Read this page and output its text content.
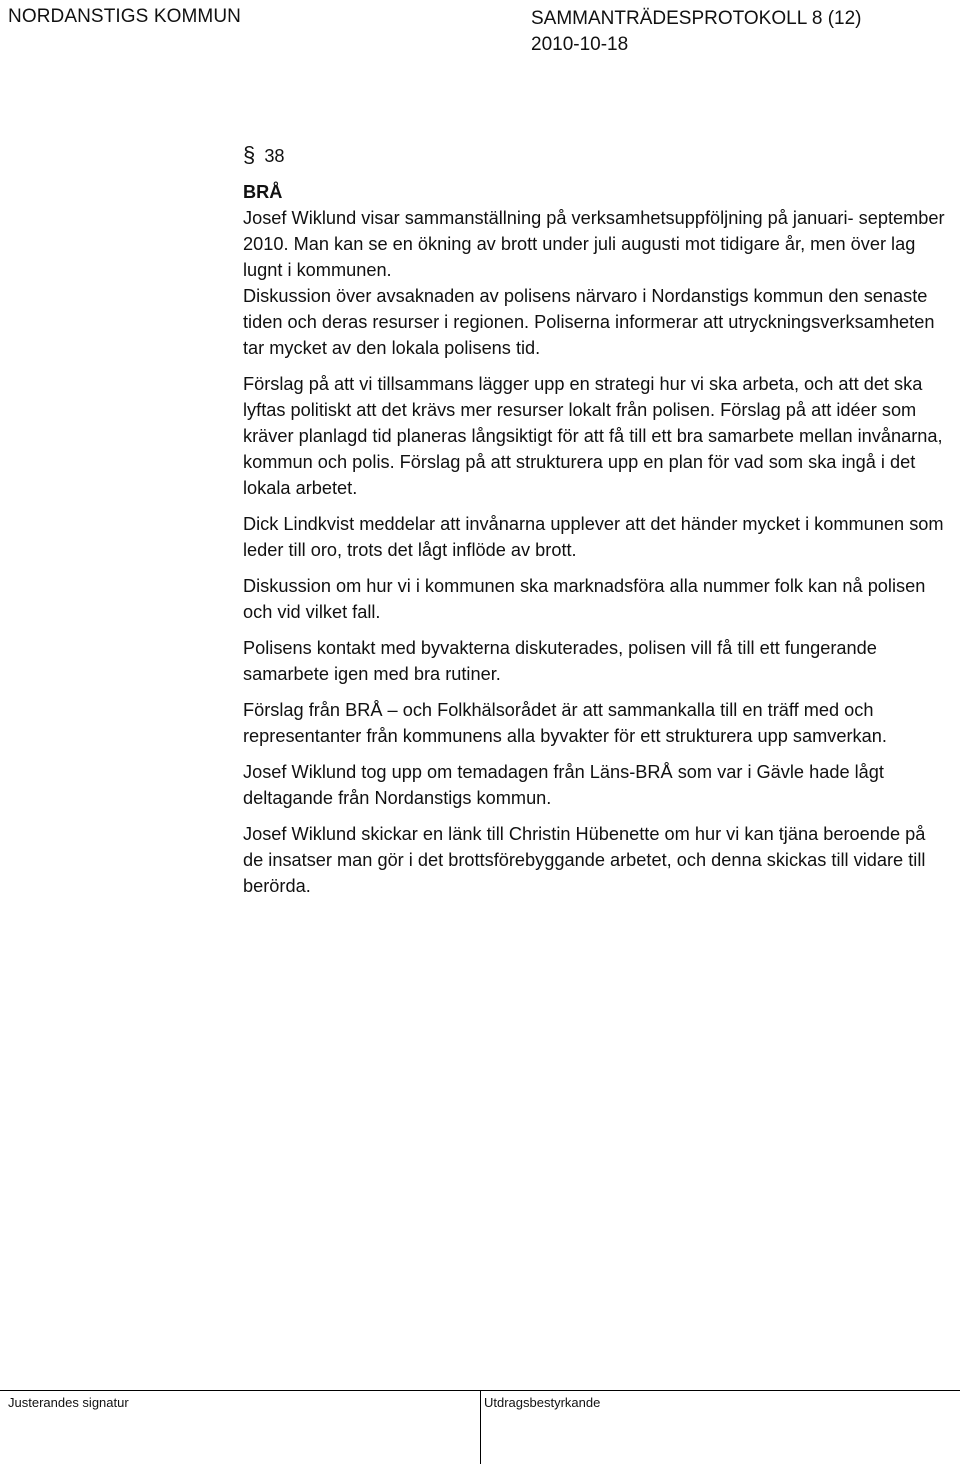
NORDANSTIGS KOMMUN	SAMMANTRÄDESPROTOKOLL 8 (12)
2010-10-18
§ 38
BRÅ

Josef Wiklund visar sammanställning på verksamhetsuppföljning på januari- september 2010. Man kan se en ökning av brott under juli augusti mot tidigare år, men över lag lugnt i kommunen.

Diskussion över avsaknaden av polisens närvaro i Nordanstigs kommun den senaste tiden och deras resurser i regionen. Poliserna informerar att utryckningsverksamheten tar mycket av den lokala polisens tid.

Förslag på att vi tillsammans lägger upp en strategi hur vi ska arbeta, och att det ska lyftas politiskt att det krävs mer resurser lokalt från polisen. Förslag på att idéer som kräver planlagd tid planeras långsiktigt för att få till ett bra samarbete mellan invånarna, kommun och polis. Förslag på att strukturera upp en plan för vad som ska ingå i det lokala arbetet.

Dick Lindkvist meddelar att invånarna upplever att det händer mycket i kommunen som leder till oro, trots det lågt inflöde av brott.

Diskussion om hur vi i kommunen ska marknadsföra alla nummer folk kan nå polisen och vid vilket fall.

Polisens kontakt med byvakterna diskuterades, polisen vill få till ett fungerande samarbete igen med bra rutiner.

Förslag från BRÅ – och Folkhälsorådet är att sammankalla till en träff med och representanter från kommunens alla byvakter för ett strukturera upp samverkan.

Josef Wiklund tog upp om temadagen från Läns-BRÅ som var i Gävle hade lågt deltagande från Nordanstigs kommun.

Josef Wiklund skickar en länk till Christin Hübenette om hur vi kan tjäna beroende på de insatser man gör i det brottsförebyggande arbetet, och denna skickas till vidare till berörda.

Justerandes signatur	Utdragsbestyrkande
